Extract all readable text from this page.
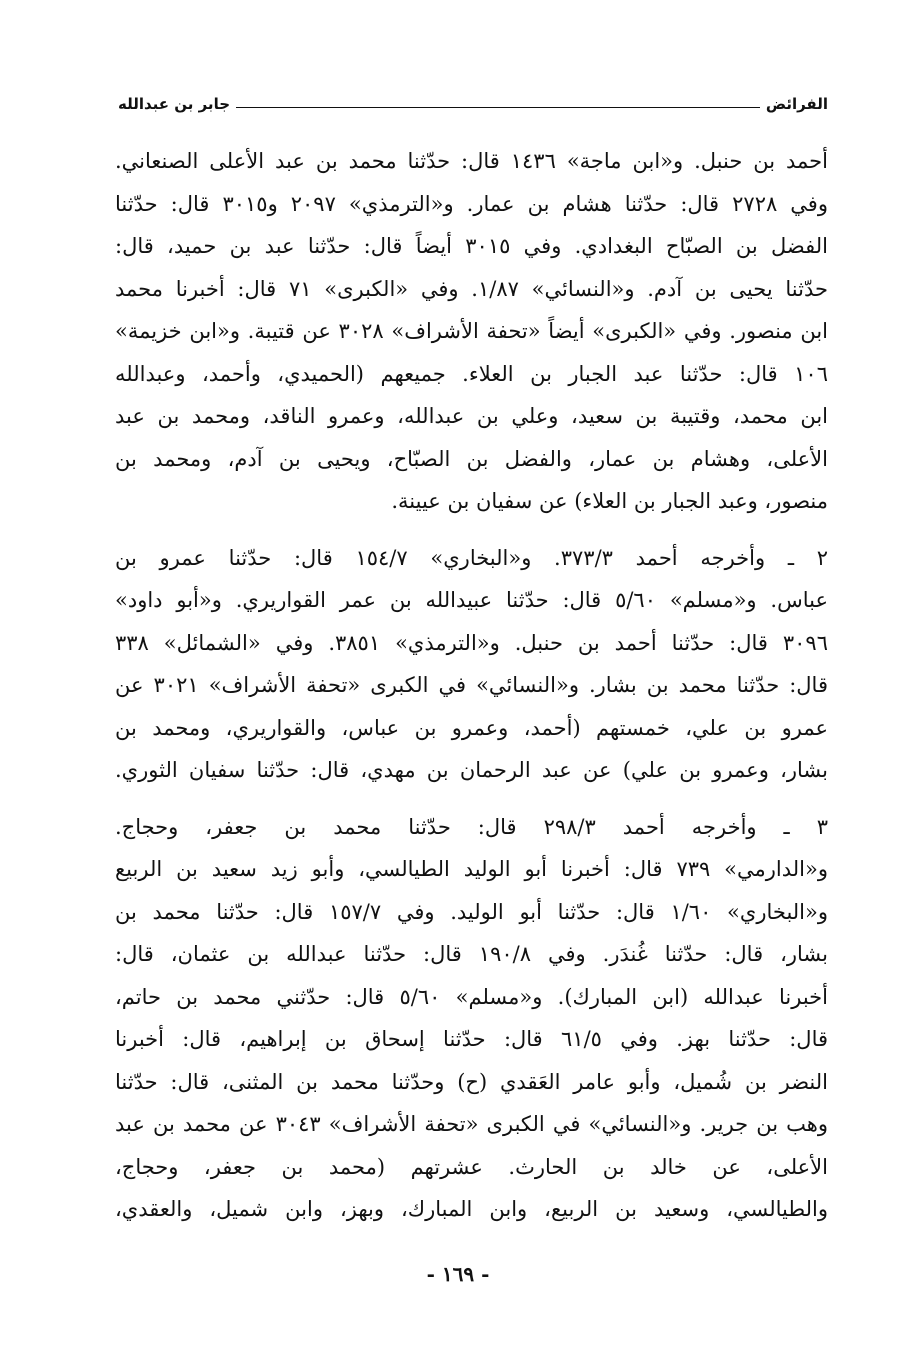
الفرائض
جابر بن عبدالله
أحمد بن حنبل. و«ابن ماجة» ١٤٣٦ قال: حدّثنا محمد بن عبد الأعلى الصنعاني.
وفي ٢٧٢٨ قال: حدّثنا هشام بن عمار. و«الترمذي» ٢٠٩٧ و٣٠١٥ قال: حدّثنا
الفضل بن الصبّاح البغدادي. وفي ٣٠١٥ أيضاً قال: حدّثنا عبد بن حميد، قال:
حدّثنا يحيى بن آدم. و«النسائي» ١/٨٧. وفي «الكبرى» ٧١ قال: أخبرنا محمد
ابن منصور. وفي «الكبرى» أيضاً «تحفة الأشراف» ٣٠٢٨ عن قتيبة. و«ابن خزيمة»
١٠٦ قال: حدّثنا عبد الجبار بن العلاء. جميعهم (الحميدي، وأحمد، وعبدالله
ابن محمد، وقتيبة بن سعيد، وعلي بن عبدالله، وعمرو الناقد، ومحمد بن عبد
الأعلى، وهشام بن عمار، والفضل بن الصبّاح، ويحيى بن آدم، ومحمد بن
منصور، وعبد الجبار بن العلاء) عن سفيان بن عيينة.
٢ ـ وأخرجه أحمد ٣٧٣/٣. و«البخاري» ١٥٤/٧ قال: حدّثنا عمرو بن
عباس. و«مسلم» ٥/٦٠ قال: حدّثنا عبيدالله بن عمر القواريري. و«أبو داود»
٣٠٩٦ قال: حدّثنا أحمد بن حنبل. و«الترمذي» ٣٨٥١. وفي «الشمائل» ٣٣٨
قال: حدّثنا محمد بن بشار. و«النسائي» في الكبرى «تحفة الأشراف» ٣٠٢١ عن
عمرو بن علي، خمستهم (أحمد، وعمرو بن عباس، والقواريري، ومحمد بن
بشار، وعمرو بن علي) عن عبد الرحمان بن مهدي، قال: حدّثنا سفيان الثوري.
٣ ـ وأخرجه أحمد ٢٩٨/٣ قال: حدّثنا محمد بن جعفر، وحجاج.
و«الدارمي» ٧٣٩ قال: أخبرنا أبو الوليد الطيالسي، وأبو زيد سعيد بن الربيع
و«البخاري» ١/٦٠ قال: حدّثنا أبو الوليد. وفي ١٥٧/٧ قال: حدّثنا محمد بن
بشار، قال: حدّثنا غُندَر. وفي ١٩٠/٨ قال: حدّثنا عبدالله بن عثمان، قال:
أخبرنا عبدالله (ابن المبارك). و«مسلم» ٥/٦٠ قال: حدّثني محمد بن حاتم،
قال: حدّثنا بهز. وفي ٦١/٥ قال: حدّثنا إسحاق بن إبراهيم، قال: أخبرنا
النضر بن شُميل، وأبو عامر العَقدي (ح) وحدّثنا محمد بن المثنى، قال: حدّثنا
وهب بن جرير. و«النسائي» في الكبرى «تحفة الأشراف» ٣٠٤٣ عن محمد بن عبد
الأعلى، عن خالد بن الحارث. عشرتهم (محمد بن جعفر، وحجاج،
والطيالسي، وسعيد بن الربيع، وابن المبارك، وبهز، وابن شميل، والعقدي،
- ١٦٩ -
